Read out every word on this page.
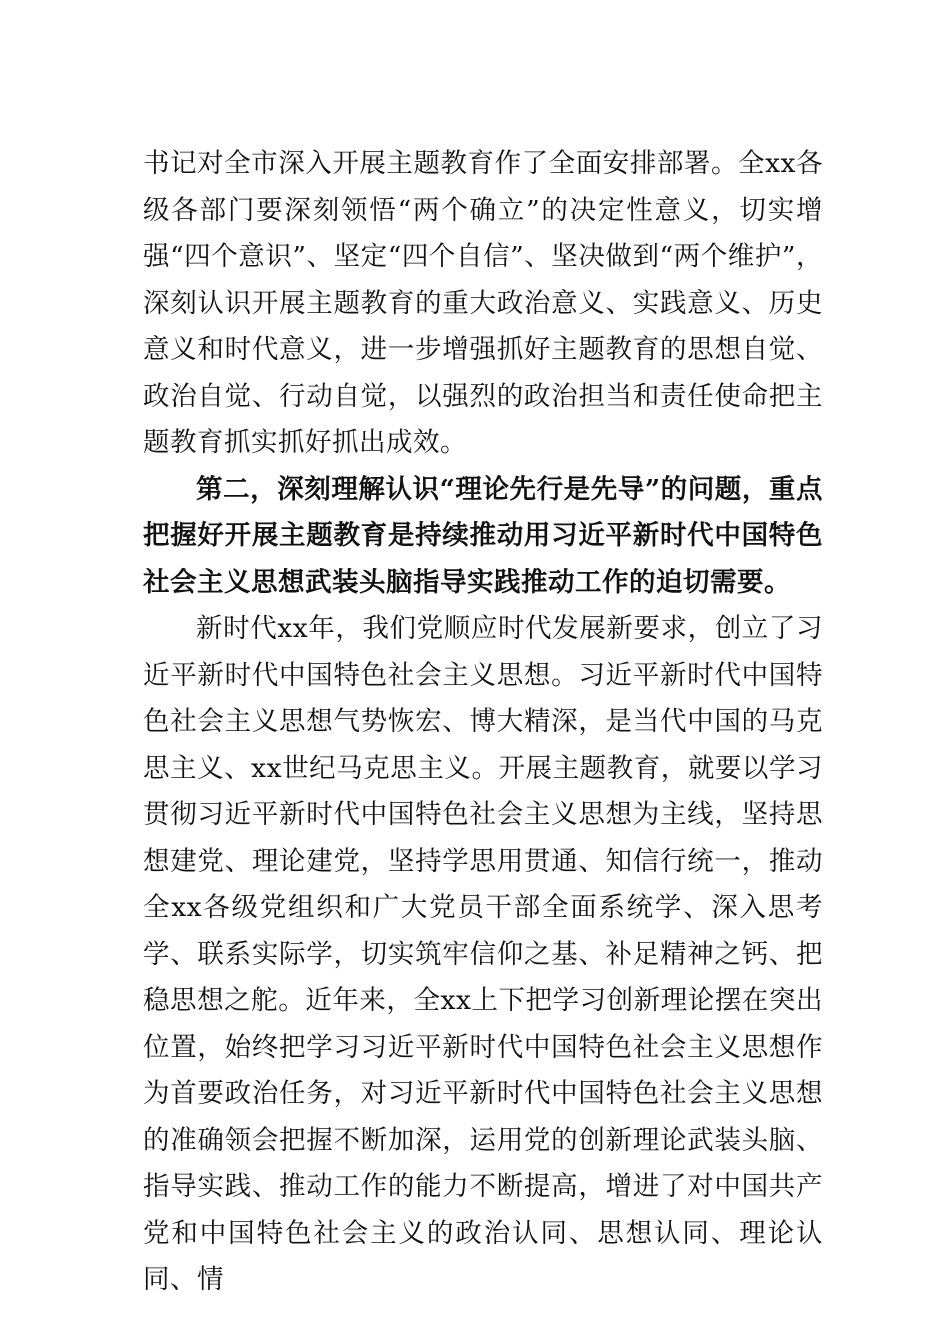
书记对全市深入开展主题教育作了全面安排部署。全xx各级各部门要深刻领悟“两个确立”的决定性意义，切实增强“四个意识”、坚定“四个自信”、坚决做到“两个维护”，深刻认识开展主题教育的重大政治意义、实践意义、历史意义和时代意义，进一步增强抓好主题教育的思想自觉、政治自觉、行动自觉，以强烈的政治担当和责任使命把主题教育抓实抓好抓出成效。

第二，深刻理解认识“理论先行是先导”的问题，重点把握好开展主题教育是持续推动用习近平新时代中国特色社会主义思想武装头脑指导实践推动工作的迫切需要。

新时代xx年，我们党顺应时代发展新要求，创立了习近平新时代中国特色社会主义思想。习近平新时代中国特色社会主义思想气势恢宏、博大精深，是当代中国的马克思主义、xx世纪马克思主义。开展主题教育，就要以学习贯彻习近平新时代中国特色社会主义思想为主线，坚持思想建党、理论建党，坚持学思用贯通、知信行统一，推动全xx各级党组织和广大党员干部全面系统学、深入思考学、联系实际学，切实筑牢信仰之基、补足精神之钙、把稳思想之舵。近年来，全xx上下把学习创新理论摆在突出位置，始终把学习习近平新时代中国特色社会主义思想作为首要政治任务，对习近平新时代中国特色社会主义思想的准确领会把握不断加深，运用党的创新理论武装头脑、指导实践、推动工作的能力不断提高，增进了对中国共产党和中国特色社会主义的政治认同、思想认同、理论认同、情
